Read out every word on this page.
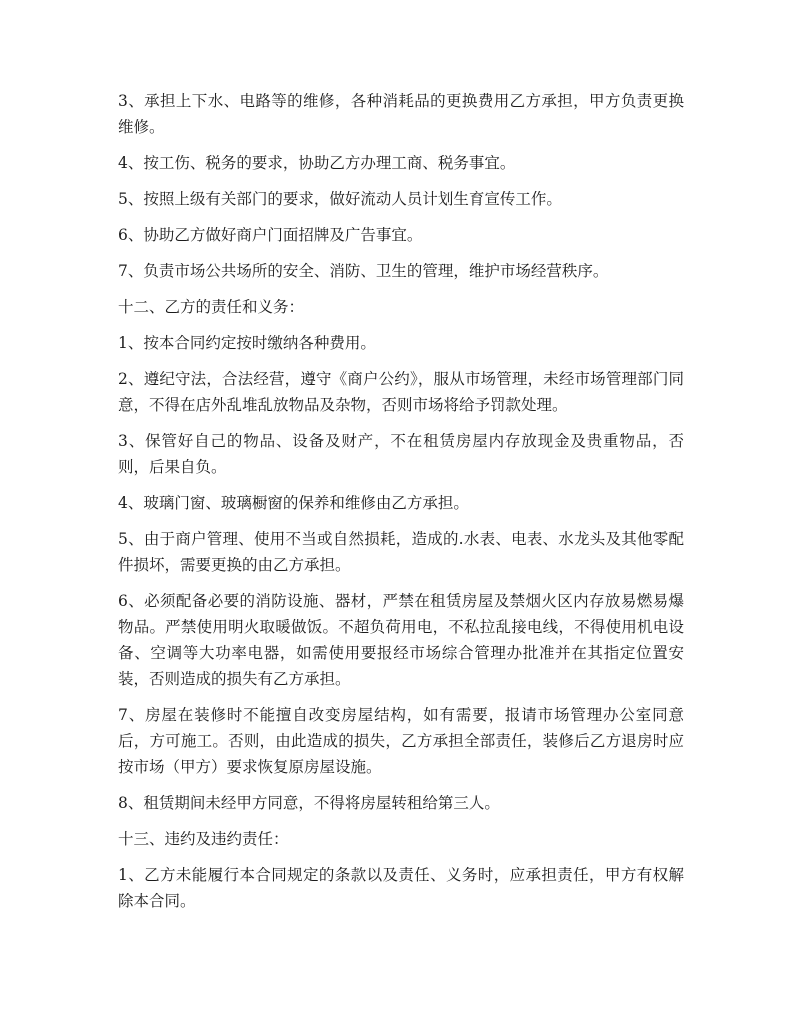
3、承担上下水、电路等的维修，各种消耗品的更换费用乙方承担，甲方负责更换维修。

4、按工伤、税务的要求，协助乙方办理工商、税务事宜。

5、按照上级有关部门的要求，做好流动人员计划生育宣传工作。

6、协助乙方做好商户门面招牌及广告事宜。

7、负责市场公共场所的安全、消防、卫生的管理，维护市场经营秩序。

十二、乙方的责任和义务：

1、按本合同约定按时缴纳各种费用。

2、遵纪守法，合法经营，遵守《商户公约》，服从市场管理，未经市场管理部门同意，不得在店外乱堆乱放物品及杂物，否则市场将给予罚款处理。

3、保管好自己的物品、设备及财产，不在租赁房屋内存放现金及贵重物品，否则，后果自负。

4、玻璃门窗、玻璃橱窗的保养和维修由乙方承担。

5、由于商户管理、使用不当或自然损耗，造成的.水表、电表、水龙头及其他零配件损坏，需要更换的由乙方承担。

6、必须配备必要的消防设施、器材，严禁在租赁房屋及禁烟火区内存放易燃易爆物品。严禁使用明火取暖做饭。不超负荷用电，不私拉乱接电线，不得使用机电设备、空调等大功率电器，如需使用要报经市场综合管理办批准并在其指定位置安装，否则造成的损失有乙方承担。

7、房屋在装修时不能擅自改变房屋结构，如有需要，报请市场管理办公室同意后，方可施工。否则，由此造成的损失，乙方承担全部责任，装修后乙方退房时应按市场（甲方）要求恢复原房屋设施。

8、租赁期间未经甲方同意，不得将房屋转租给第三人。

十三、违约及违约责任：

1、乙方未能履行本合同规定的条款以及责任、义务时，应承担责任，甲方有权解除本合同。
